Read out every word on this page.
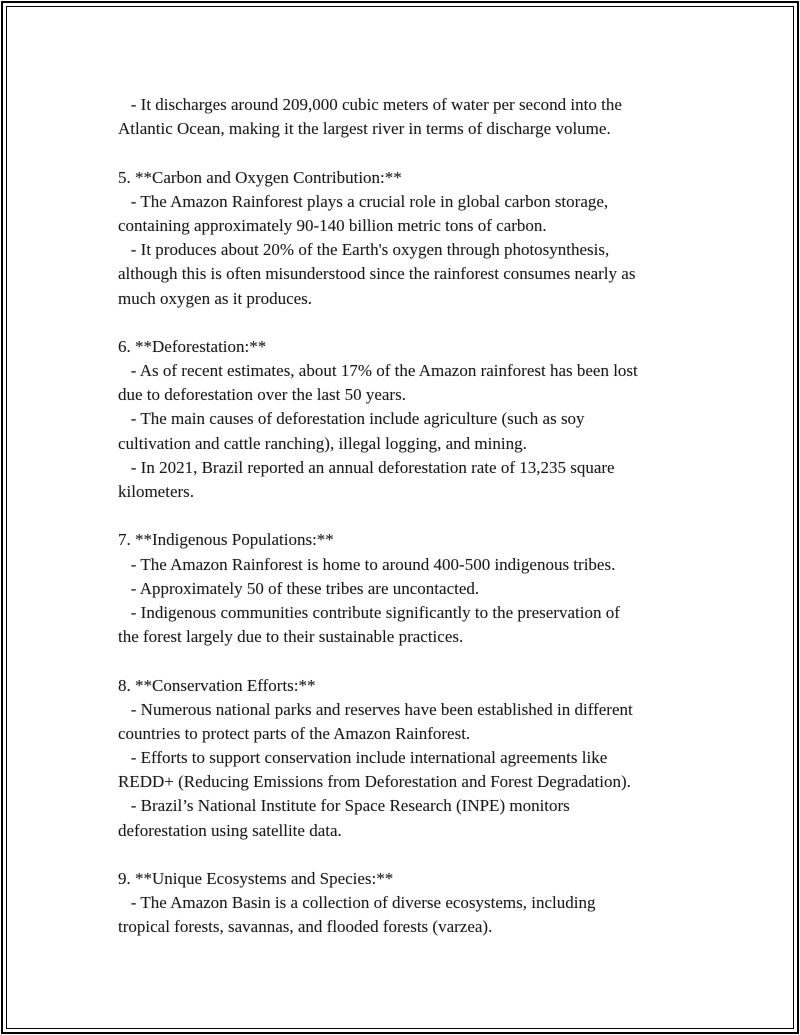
- It discharges around 209,000 cubic meters of water per second into the
Atlantic Ocean, making it the largest river in terms of discharge volume.
5. **Carbon and Oxygen Contribution:**
- The Amazon Rainforest plays a crucial role in global carbon storage,
containing approximately 90-140 billion metric tons of carbon.
- It produces about 20% of the Earth's oxygen through photosynthesis,
although this is often misunderstood since the rainforest consumes nearly as
much oxygen as it produces.
6. **Deforestation:**
- As of recent estimates, about 17% of the Amazon rainforest has been lost
due to deforestation over the last 50 years.
- The main causes of deforestation include agriculture (such as soy
cultivation and cattle ranching), illegal logging, and mining.
- In 2021, Brazil reported an annual deforestation rate of 13,235 square
kilometers.
7. **Indigenous Populations:**
- The Amazon Rainforest is home to around 400-500 indigenous tribes.
- Approximately 50 of these tribes are uncontacted.
- Indigenous communities contribute significantly to the preservation of
the forest largely due to their sustainable practices.
8. **Conservation Efforts:**
- Numerous national parks and reserves have been established in different
countries to protect parts of the Amazon Rainforest.
- Efforts to support conservation include international agreements like
REDD+ (Reducing Emissions from Deforestation and Forest Degradation).
- Brazil’s National Institute for Space Research (INPE) monitors
deforestation using satellite data.
9. **Unique Ecosystems and Species:**
- The Amazon Basin is a collection of diverse ecosystems, including
tropical forests, savannas, and flooded forests (varzea).
